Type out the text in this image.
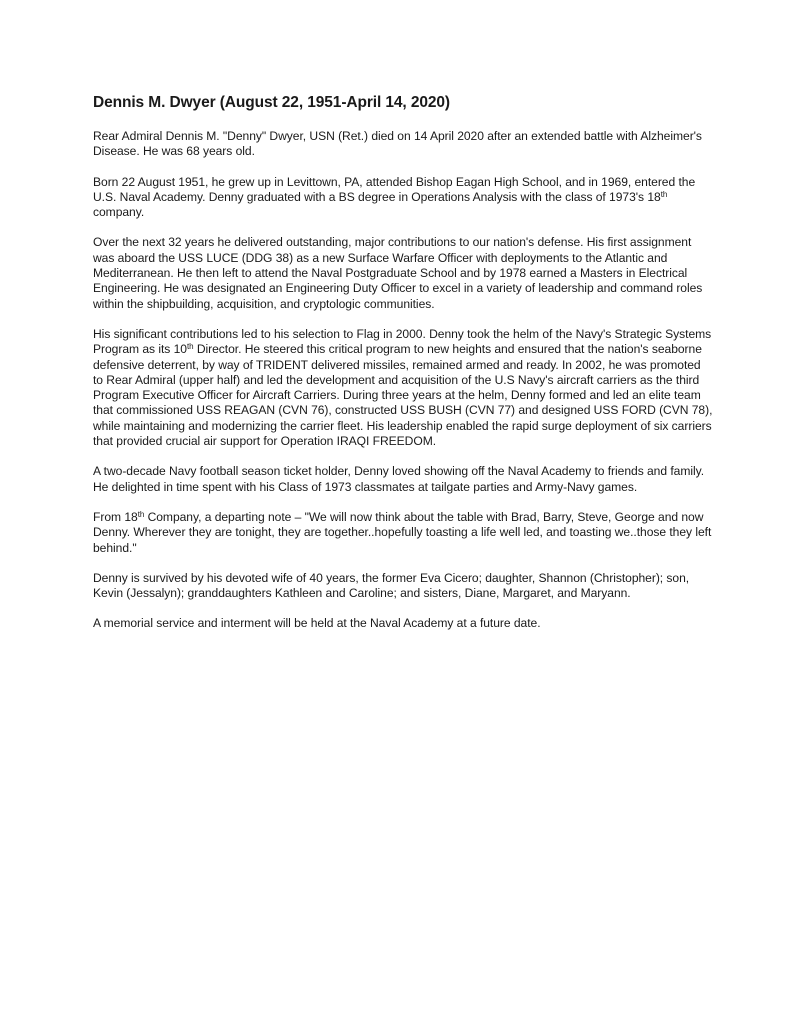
Dennis M. Dwyer (August 22, 1951-April 14, 2020)

Rear Admiral Dennis M. "Denny" Dwyer, USN (Ret.) died on 14 April 2020 after an extended battle with Alzheimer's Disease. He was 68 years old.

Born 22 August 1951, he grew up in Levittown, PA, attended Bishop Eagan High School, and in 1969, entered the U.S. Naval Academy. Denny graduated with a BS degree in Operations Analysis with the class of 1973's 18th company.

Over the next 32 years he delivered outstanding, major contributions to our nation's defense. His first assignment was aboard the USS LUCE (DDG 38) as a new Surface Warfare Officer with deployments to the Atlantic and Mediterranean. He then left to attend the Naval Postgraduate School and by 1978 earned a Masters in Electrical Engineering. He was designated an Engineering Duty Officer to excel in a variety of leadership and command roles within the shipbuilding, acquisition, and cryptologic communities.

His significant contributions led to his selection to Flag in 2000. Denny took the helm of the Navy's Strategic Systems Program as its 10th Director. He steered this critical program to new heights and ensured that the nation's seaborne defensive deterrent, by way of TRIDENT delivered missiles, remained armed and ready. In 2002, he was promoted to Rear Admiral (upper half) and led the development and acquisition of the U.S Navy's aircraft carriers as the third Program Executive Officer for Aircraft Carriers. During three years at the helm, Denny formed and led an elite team that commissioned USS REAGAN (CVN 76), constructed USS BUSH (CVN 77) and designed USS FORD (CVN 78), while maintaining and modernizing the carrier fleet. His leadership enabled the rapid surge deployment of six carriers that provided crucial air support for Operation IRAQI FREEDOM.

A two-decade Navy football season ticket holder, Denny loved showing off the Naval Academy to friends and family. He delighted in time spent with his Class of 1973 classmates at tailgate parties and Army-Navy games.

From 18th Company, a departing note – "We will now think about the table with Brad, Barry, Steve, George and now Denny. Wherever they are tonight, they are together..hopefully toasting a life well led, and toasting we..those they left behind."

Denny is survived by his devoted wife of 40 years, the former Eva Cicero; daughter, Shannon (Christopher); son, Kevin (Jessalyn); granddaughters Kathleen and Caroline; and sisters, Diane, Margaret, and Maryann.

A memorial service and interment will be held at the Naval Academy at a future date.
